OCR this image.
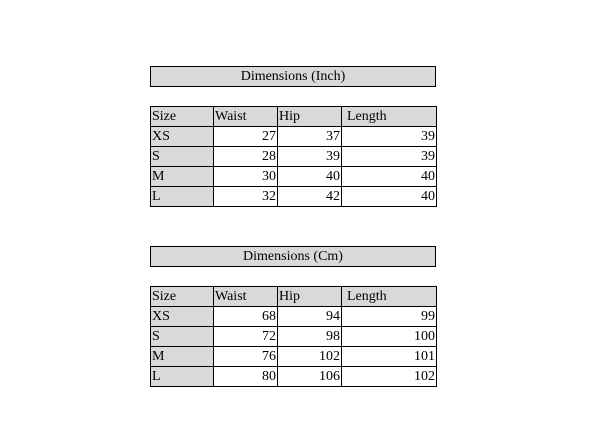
Dimensions (Inch)
Size	Waist	Hip	Length
XS	27	37	39
S	28	39	39
M	30	40	40
L	32	42	40
Dimensions (Cm)
Size	Waist	Hip	Length
XS	68	94	99
S	72	98	100
M	76	102	101
L	80	106	102
